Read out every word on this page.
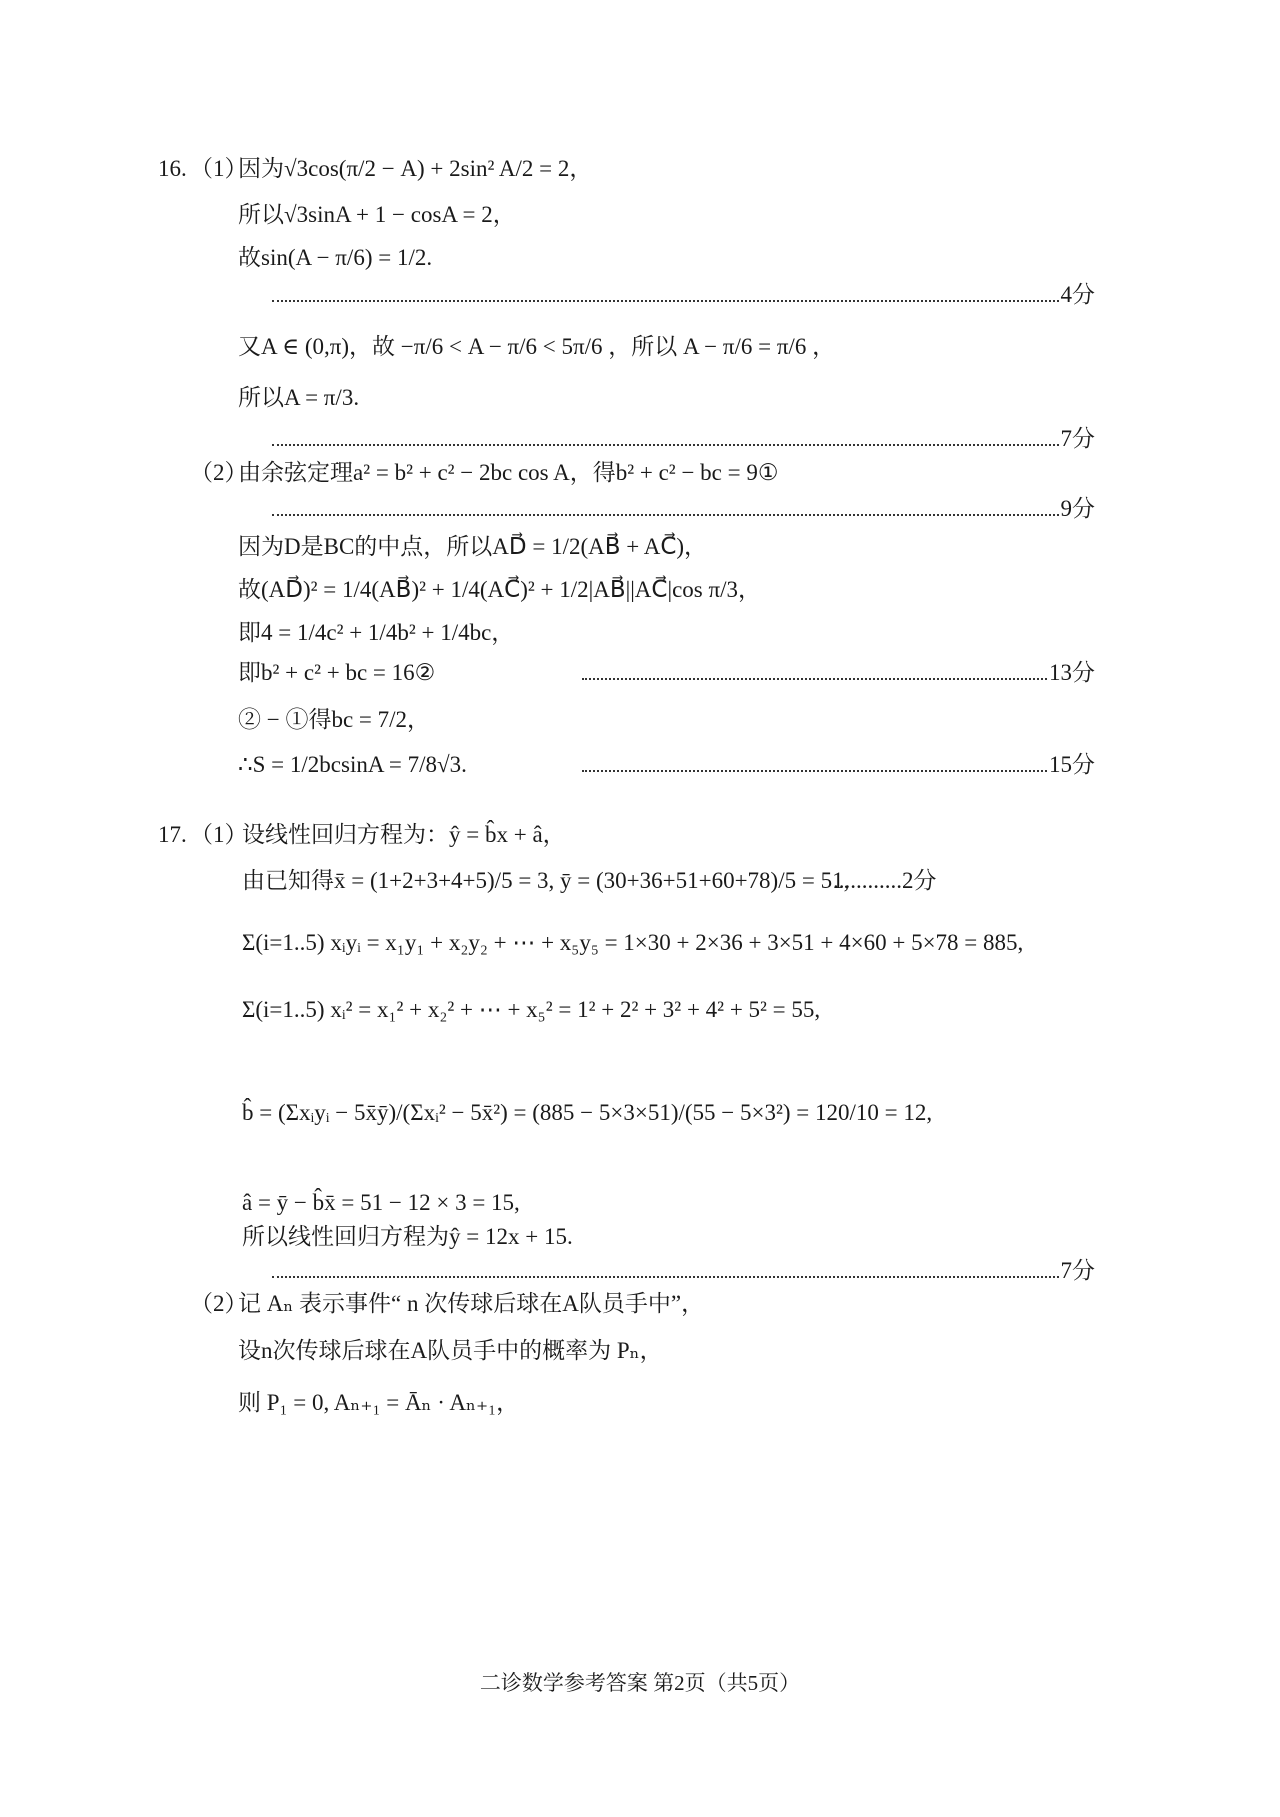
16. （1）
因为√3cos(π/2 − A) + 2sin² A/2 = 2，
所以√3sinA + 1 − cosA = 2，
故sin(A − π/6) = 1/2.
4分
又A ∈ (0,π)，故 −π/6 < A − π/6 < 5π/6 ，所以 A − π/6 = π/6 ，
所以A = π/3.
7分
（2）
由余弦定理a² = b² + c² − 2bc cos A，得b² + c² − bc = 9①
9分
因为D是BC的中点，所以AD⃗ = 1/2(AB⃗ + AC⃗)，
故(AD⃗)² = 1/4(AB⃗)² + 1/4(AC⃗)² + 1/2|AB⃗||AC⃗|cos π/3，
即4 = 1/4c² + 1/4b² + 1/4bc，
即b² + c² + bc = 16②	13分
② − ①得bc = 7/2，
∴S = 1/2bcsinA = 7/8√3.	15分
17. （1）
设线性回归方程为：ŷ = b̂x + â，
由已知得x̄ = (1+2+3+4+5)/5 = 3, ȳ = (30+36+51+60+78)/5 = 51,
............2分
Σ(i=1..5) xᵢyᵢ = x₁y₁ + x₂y₂ + ⋯ + x₅y₅ = 1×30 + 2×36 + 3×51 + 4×60 + 5×78 = 885,
Σ(i=1..5) xᵢ² = x₁² + x₂² + ⋯ + x₅² = 1² + 2² + 3² + 4² + 5² = 55,
b̂ = (Σxᵢyᵢ − 5x̄ȳ)/(Σxᵢ² − 5x̄²) = (885 − 5×3×51)/(55 − 5×3²) = 120/10 = 12,
â = ȳ − b̂x̄ = 51 − 12 × 3 = 15,
所以线性回归方程为ŷ = 12x + 15.
7分
（2）
记 Aₙ 表示事件“ n 次传球后球在A队员手中”，
设n次传球后球在A队员手中的概率为 Pₙ，
则 P₁ = 0, Aₙ₊₁ = Āₙ · Aₙ₊₁，
二诊数学参考答案 第2页（共5页）
